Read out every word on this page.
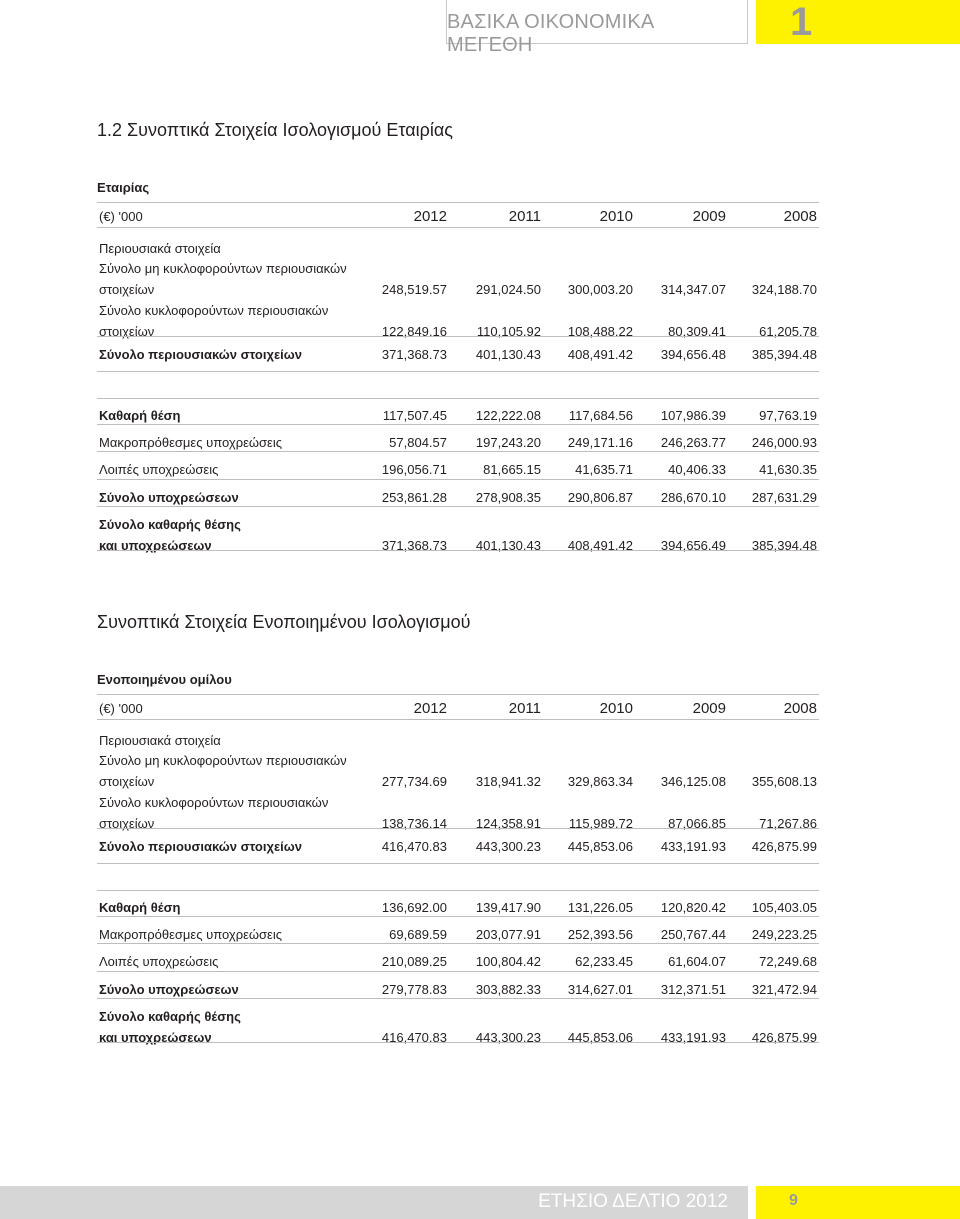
ΒΑΣΙΚΑ ΟΙΚΟΝΟΜΙΚΑ ΜΕΓΕΘΗ
1
1.2 Συνοπτικά Στοιχεία Ισολογισμού Εταιρίας
Εταιρίας
(€) '000	2012	2011	2010	2009	2008
Περιουσιακά στοιχεία
Σύνολο μη κυκλοφορούντων περιουσιακών
στοιχείων	248,519.57	291,024.50	300,003.20	314,347.07	324,188.70
Σύνολο κυκλοφορούντων περιουσιακών
στοιχείων	122,849.16	110,105.92	108,488.22	80,309.41	61,205.78
Σύνολο περιουσιακών στοιχείων	371,368.73	401,130.43	408,491.42	394,656.48	385,394.48
Καθαρή θέση	117,507.45	122,222.08	117,684.56	107,986.39	97,763.19
Μακροπρόθεσμες υποχρεώσεις	57,804.57	197,243.20	249,171.16	246,263.77	246,000.93
Λοιπές υποχρεώσεις	196,056.71	81,665.15	41,635.71	40,406.33	41,630.35
Σύνολο υποχρεώσεων	253,861.28	278,908.35	290,806.87	286,670.10	287,631.29
Σύνολο καθαρής θέσης
και υποχρεώσεων	371,368.73	401,130.43	408,491.42	394,656.49	385,394.48
Συνοπτικά Στοιχεία Ενοποιημένου Ισολογισμού
Ενοποιημένου ομίλου
(€) '000	2012	2011	2010	2009	2008
Περιουσιακά στοιχεία
Σύνολο μη κυκλοφορούντων περιουσιακών
στοιχείων	277,734.69	318,941.32	329,863.34	346,125.08	355,608.13
Σύνολο κυκλοφορούντων περιουσιακών
στοιχείων	138,736.14	124,358.91	115,989.72	87,066.85	71,267.86
Σύνολο περιουσιακών στοιχείων	416,470.83	443,300.23	445,853.06	433,191.93	426,875.99
Καθαρή θέση	136,692.00	139,417.90	131,226.05	120,820.42	105,403.05
Μακροπρόθεσμες υποχρεώσεις	69,689.59	203,077.91	252,393.56	250,767.44	249,223.25
Λοιπές υποχρεώσεις	210,089.25	100,804.42	62,233.45	61,604.07	72,249.68
Σύνολο υποχρεώσεων	279,778.83	303,882.33	314,627.01	312,371.51	321,472.94
Σύνολο καθαρής θέσης
και υποχρεώσεων	416,470.83	443,300.23	445,853.06	433,191.93	426,875.99
ΕΤΗΣΙΟ ΔΕΛΤΙΟ 2012	9
